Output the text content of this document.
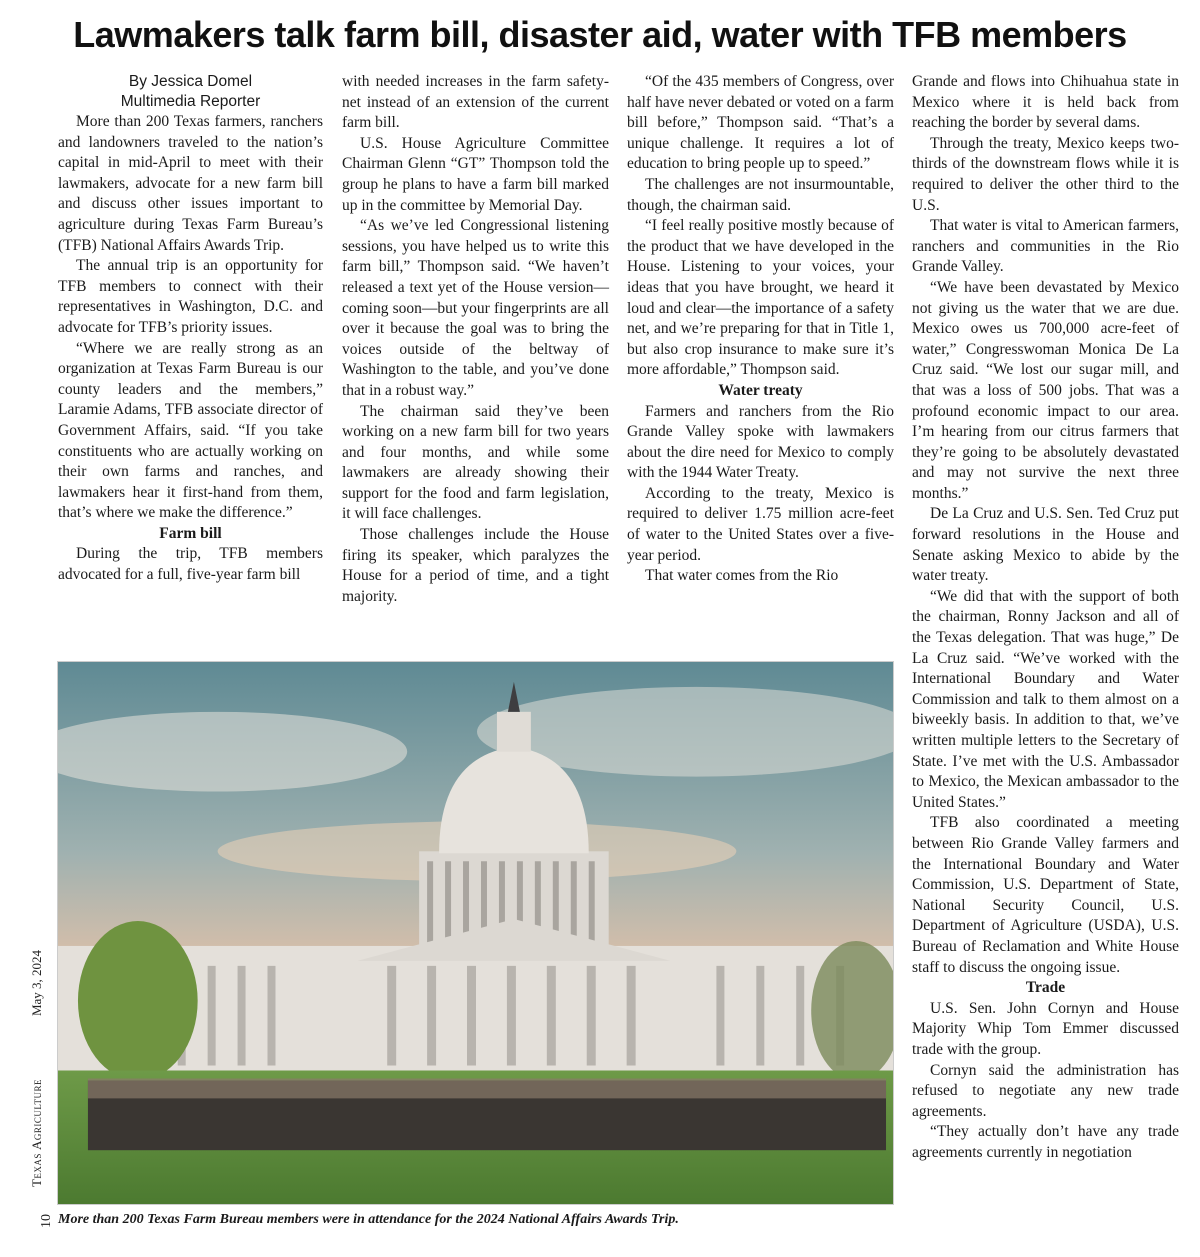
Lawmakers talk farm bill, disaster aid, water with TFB members
By Jessica Domel
Multimedia Reporter

More than 200 Texas farmers, ranchers and landowners traveled to the nation’s capital in mid-April to meet with their lawmakers, advocate for a new farm bill and discuss other issues important to agriculture during Texas Farm Bureau’s (TFB) National Affairs Awards Trip.

The annual trip is an opportunity for TFB members to connect with their representatives in Washington, D.C. and advocate for TFB’s priority issues.

“Where we are really strong as an organization at Texas Farm Bureau is our county leaders and the members,” Laramie Adams, TFB associate director of Government Affairs, said. “If you take constituents who are actually working on their own farms and ranches, and lawmakers hear it first-hand from them, that’s where we make the difference.”

Farm bill

During the trip, TFB members advocated for a full, five-year farm bill

with needed increases in the farm safety-net instead of an extension of the current farm bill.

U.S. House Agriculture Committee Chairman Glenn “GT” Thompson told the group he plans to have a farm bill marked up in the committee by Memorial Day.

“As we’ve led Congressional listening sessions, you have helped us to write this farm bill,” Thompson said. “We haven’t released a text yet of the House version—coming soon—but your fingerprints are all over it because the goal was to bring the voices outside of the beltway of Washington to the table, and you’ve done that in a robust way.”

The chairman said they’ve been working on a new farm bill for two years and four months, and while some lawmakers are already showing their support for the food and farm legislation, it will face challenges.

Those challenges include the House firing its speaker, which paralyzes the House for a period of time, and a tight majority.

“Of the 435 members of Congress, over half have never debated or voted on a farm bill before,” Thompson said. “That’s a unique challenge. It requires a lot of education to bring people up to speed.”

The challenges are not insurmountable, though, the chairman said.

“I feel really positive mostly because of the product that we have developed in the House. Listening to your voices, your ideas that you have brought, we heard it loud and clear—the importance of a safety net, and we’re preparing for that in Title 1, but also crop insurance to make sure it’s more affordable,” Thompson said.

Water treaty

Farmers and ranchers from the Rio Grande Valley spoke with lawmakers about the dire need for Mexico to comply with the 1944 Water Treaty.

According to the treaty, Mexico is required to deliver 1.75 million acre-feet of water to the United States over a five-year period.

That water comes from the Rio

Grande and flows into Chihuahua state in Mexico where it is held back from reaching the border by several dams.

Through the treaty, Mexico keeps two-thirds of the downstream flows while it is required to deliver the other third to the U.S.

That water is vital to American farmers, ranchers and communities in the Rio Grande Valley.

“We have been devastated by Mexico not giving us the water that we are due. Mexico owes us 700,000 acre-feet of water,” Congresswoman Monica De La Cruz said. “We lost our sugar mill, and that was a loss of 500 jobs. That was a profound economic impact to our area. I’m hearing from our citrus farmers that they’re going to be absolutely devastated and may not survive the next three months.”

De La Cruz and U.S. Sen. Ted Cruz put forward resolutions in the House and Senate asking Mexico to abide by the water treaty.

“We did that with the support of both the chairman, Ronny Jackson and all of the Texas delegation. That was huge,” De La Cruz said. “We’ve worked with the International Boundary and Water Commission and talk to them almost on a biweekly basis. In addition to that, we’ve written multiple letters to the Secretary of State. I’ve met with the U.S. Ambassador to Mexico, the Mexican ambassador to the United States.”

TFB also coordinated a meeting between Rio Grande Valley farmers and the International Boundary and Water Commission, U.S. Department of State, National Security Council, U.S. Department of Agriculture (USDA), U.S. Bureau of Reclamation and White House staff to discuss the ongoing issue.

Trade

U.S. Sen. John Cornyn and House Majority Whip Tom Emmer discussed trade with the group.

Cornyn said the administration has refused to negotiate any new trade agreements.

“They actually don’t have any trade agreements currently in negotiation

May 3, 2024
Texas Agriculture
10 More than 200 Texas Farm Bureau members were in attendance for the 2024 National Affairs Awards Trip.
